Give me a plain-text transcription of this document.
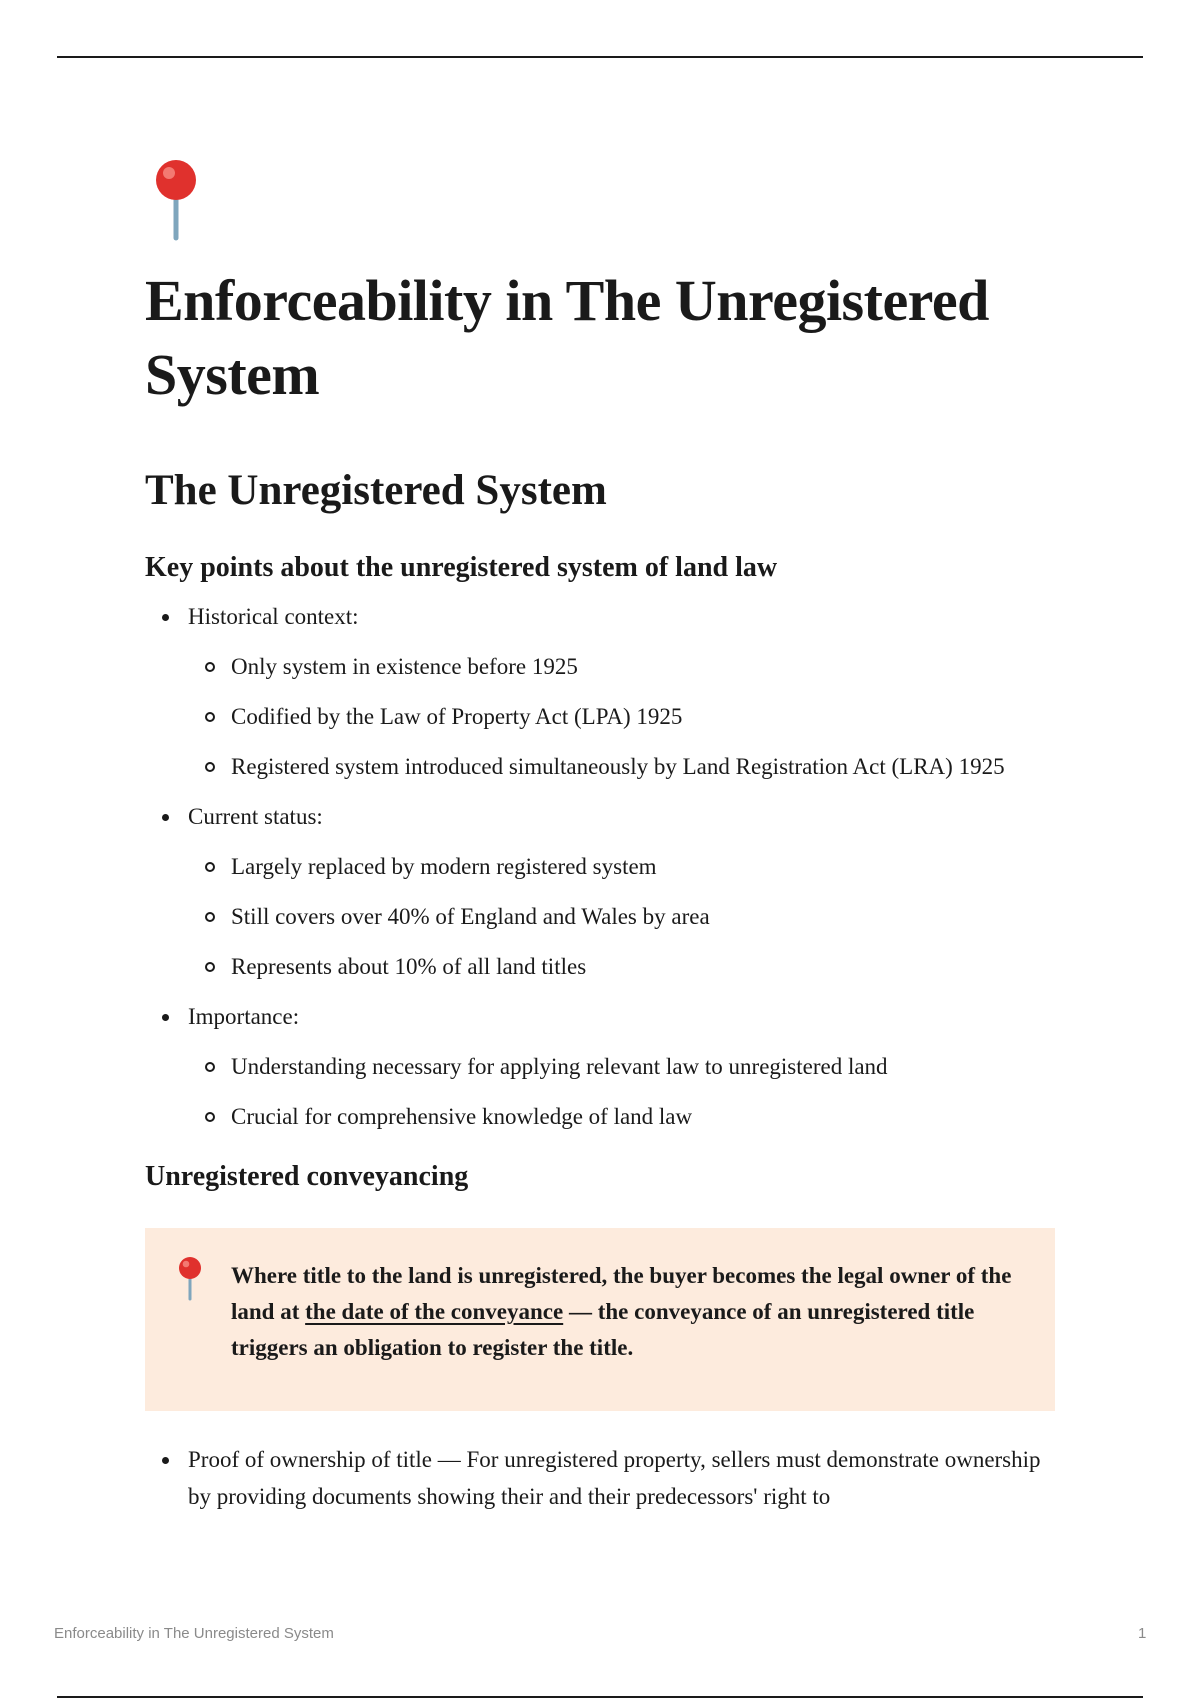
Enforceability in The Unregistered System
The Unregistered System
Key points about the unregistered system of land law
Historical context:
Only system in existence before 1925
Codified by the Law of Property Act (LPA) 1925
Registered system introduced simultaneously by Land Registration Act (LRA) 1925
Current status:
Largely replaced by modern registered system
Still covers over 40% of England and Wales by area
Represents about 10% of all land titles
Importance:
Understanding necessary for applying relevant law to unregistered land
Crucial for comprehensive knowledge of land law
Unregistered conveyancing
Where title to the land is unregistered, the buyer becomes the legal owner of the land at the date of the conveyance — the conveyance of an unregistered title triggers an obligation to register the title.
Proof of ownership of title — For unregistered property, sellers must demonstrate ownership by providing documents showing their and their predecessors' right to
Enforceability in The Unregistered System	1
